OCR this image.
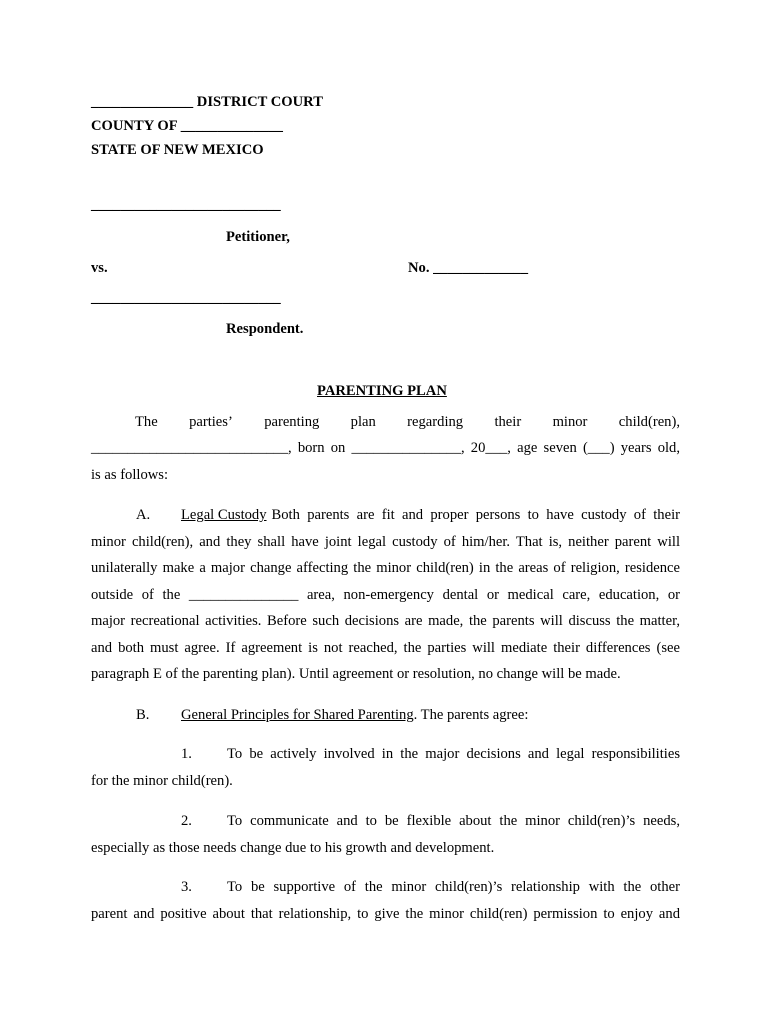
______________ DISTRICT COURT
COUNTY OF ______________
STATE OF NEW MEXICO
__________________________
Petitioner,
vs.	No. _____________
__________________________
Respondent.
PARENTING PLAN
The parties’ parenting plan regarding their minor child(ren),
___________________________, born on _______________, 20___, age seven (___) years old,
is as follows:
A. Legal Custody Both parents are fit and proper persons to have custody of their
minor child(ren), and they shall have joint legal custody of him/her. That is, neither parent will
unilaterally make a major change affecting the minor child(ren) in the areas of religion, residence
outside of the _______________ area, non-emergency dental or medical care, education, or
major recreational activities. Before such decisions are made, the parents will discuss the matter,
and both must agree. If agreement is not reached, the parties will mediate their differences (see
paragraph E of the parenting plan). Until agreement or resolution, no change will be made.
B. General Principles for Shared Parenting. The parents agree:
1. To be actively involved in the major decisions and legal responsibilities
for the minor child(ren).
2. To communicate and to be flexible about the minor child(ren)’s needs,
especially as those needs change due to his growth and development.
3. To be supportive of the minor child(ren)’s relationship with the other
parent and positive about that relationship, to give the minor child(ren) permission to enjoy and
